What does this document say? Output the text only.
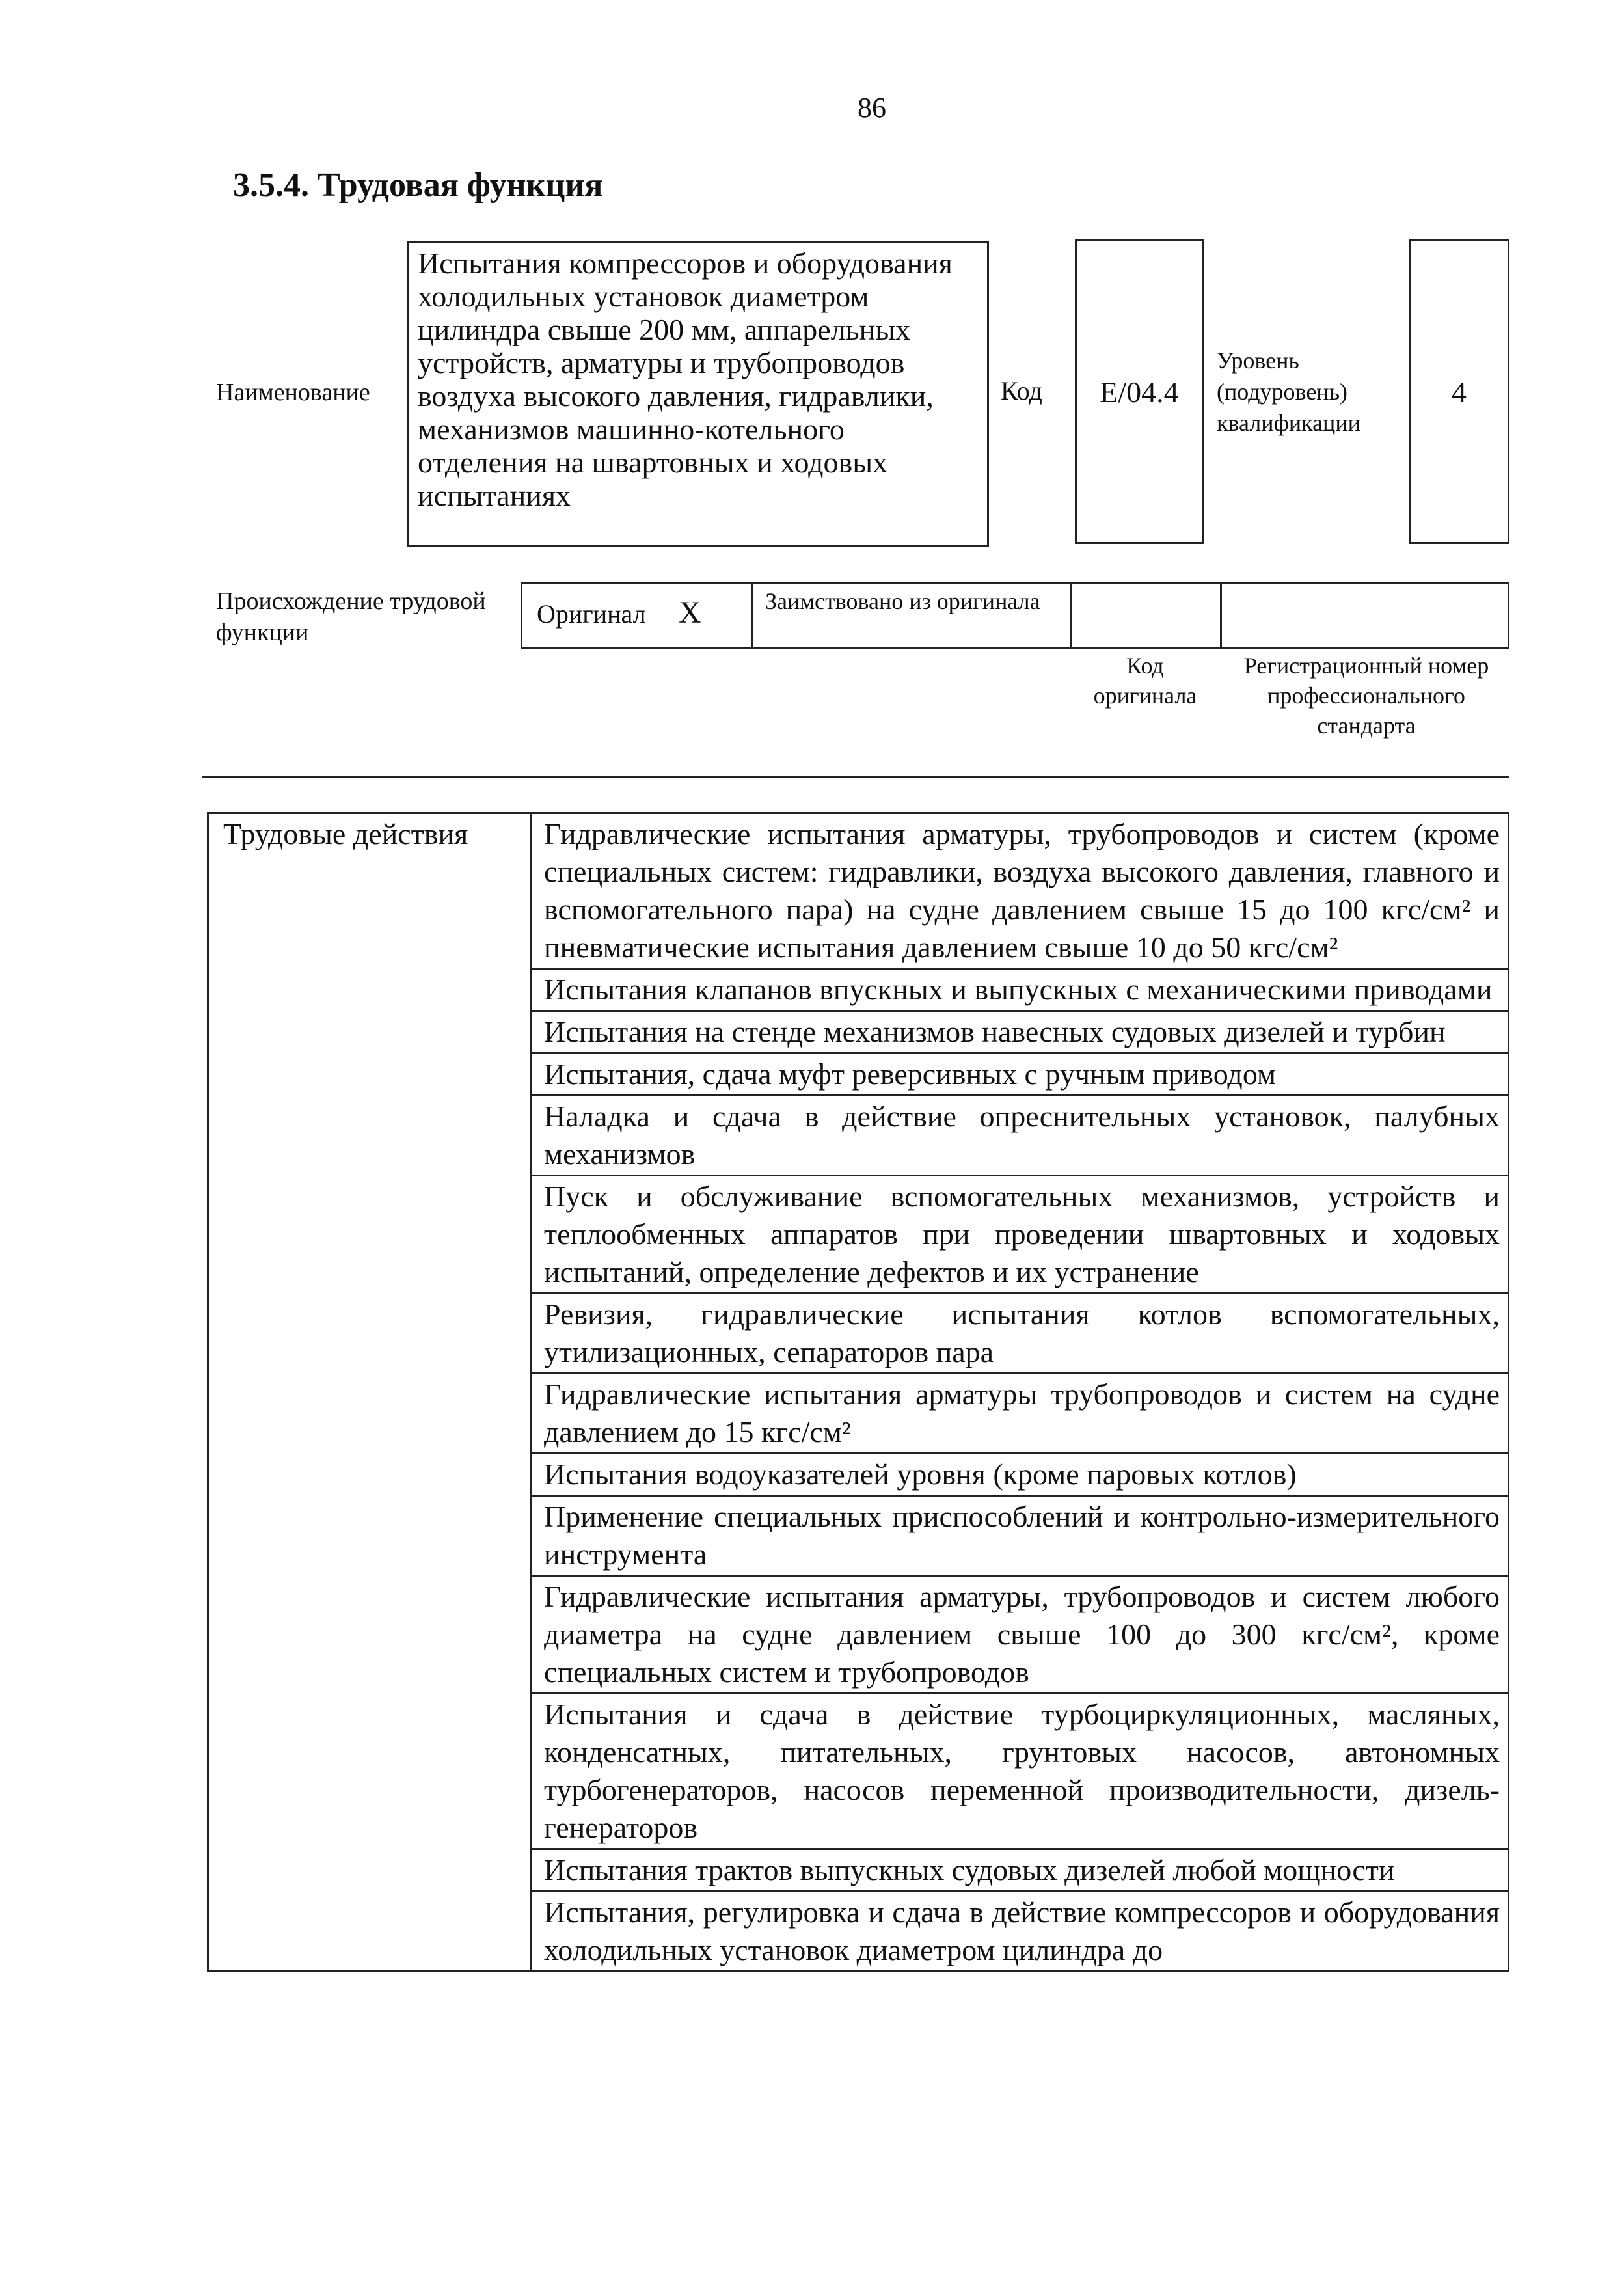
86
3.5.4. Трудовая функция
Наименование
Испытания компрессоров и оборудования холодильных установок диаметром цилиндра свыше 200 мм, аппарельных устройств, арматуры и трубопроводов воздуха высокого давления, гидравлики, механизмов машинно-котельного отделения на швартовных и ходовых испытаниях
Код	E/04.4
Уровень (подуровень) квалификации
4
Происхождение трудовой функции
Оригинал X	Заимствовано из оригинала
Код оригинала
Регистрационный номер профессионального стандарта
Трудовые действия	Гидравлические испытания арматуры, трубопроводов и систем (кроме специальных систем: гидравлики, воздуха высокого давления, главного и вспомогательного пара) на судне давлением свыше 15 до 100 кгс/см² и пневматические испытания давлением свыше 10 до 50 кгс/см²
Испытания клапанов впускных и выпускных с механическими приводами
Испытания на стенде механизмов навесных судовых дизелей и турбин
Испытания, сдача муфт реверсивных с ручным приводом
Наладка и сдача в действие опреснительных установок, палубных механизмов
Пуск и обслуживание вспомогательных механизмов, устройств и теплообменных аппаратов при проведении швартовных и ходовых испытаний, определение дефектов и их устранение
Ревизия, гидравлические испытания котлов вспомогательных, утилизационных, сепараторов пара
Гидравлические испытания арматуры трубопроводов и систем на судне давлением до 15 кгс/см²
Испытания водоуказателей уровня (кроме паровых котлов)
Применение специальных приспособлений и контрольно-измерительного инструмента
Гидравлические испытания арматуры, трубопроводов и систем любого диаметра на судне давлением свыше 100 до 300 кгс/см², кроме специальных систем и трубопроводов
Испытания и сдача в действие турбоциркуляционных, масляных, конденсатных, питательных, грунтовых насосов, автономных турбогенераторов, насосов переменной производительности, дизель-генераторов
Испытания трактов выпускных судовых дизелей любой мощности
Испытания, регулировка и сдача в действие компрессоров и оборудования холодильных установок диаметром цилиндра до
